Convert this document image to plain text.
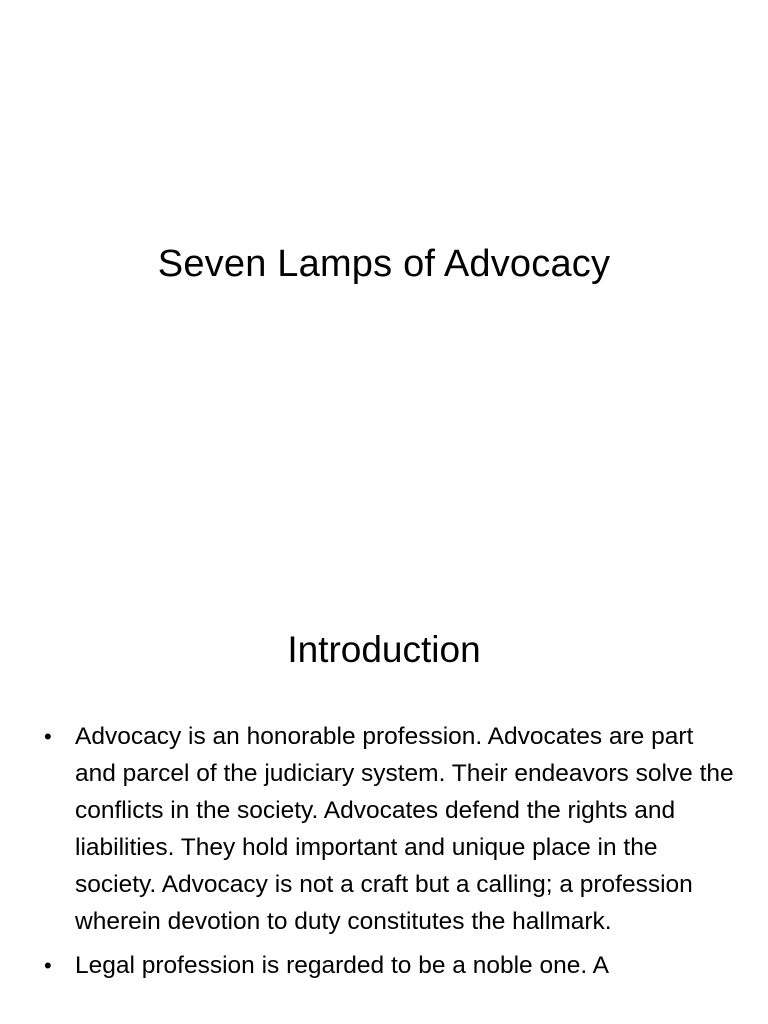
Seven Lamps of Advocacy
Introduction
• Advocacy is an honorable profession. Advocates are part and parcel of the judiciary system. Their endeavors solve the conflicts in the society. Advocates defend the rights and liabilities. They hold important and unique place in the society. Advocacy is not a craft but a calling; a profession wherein devotion to duty constitutes the hallmark.
• Legal profession is regarded to be a noble one. A
